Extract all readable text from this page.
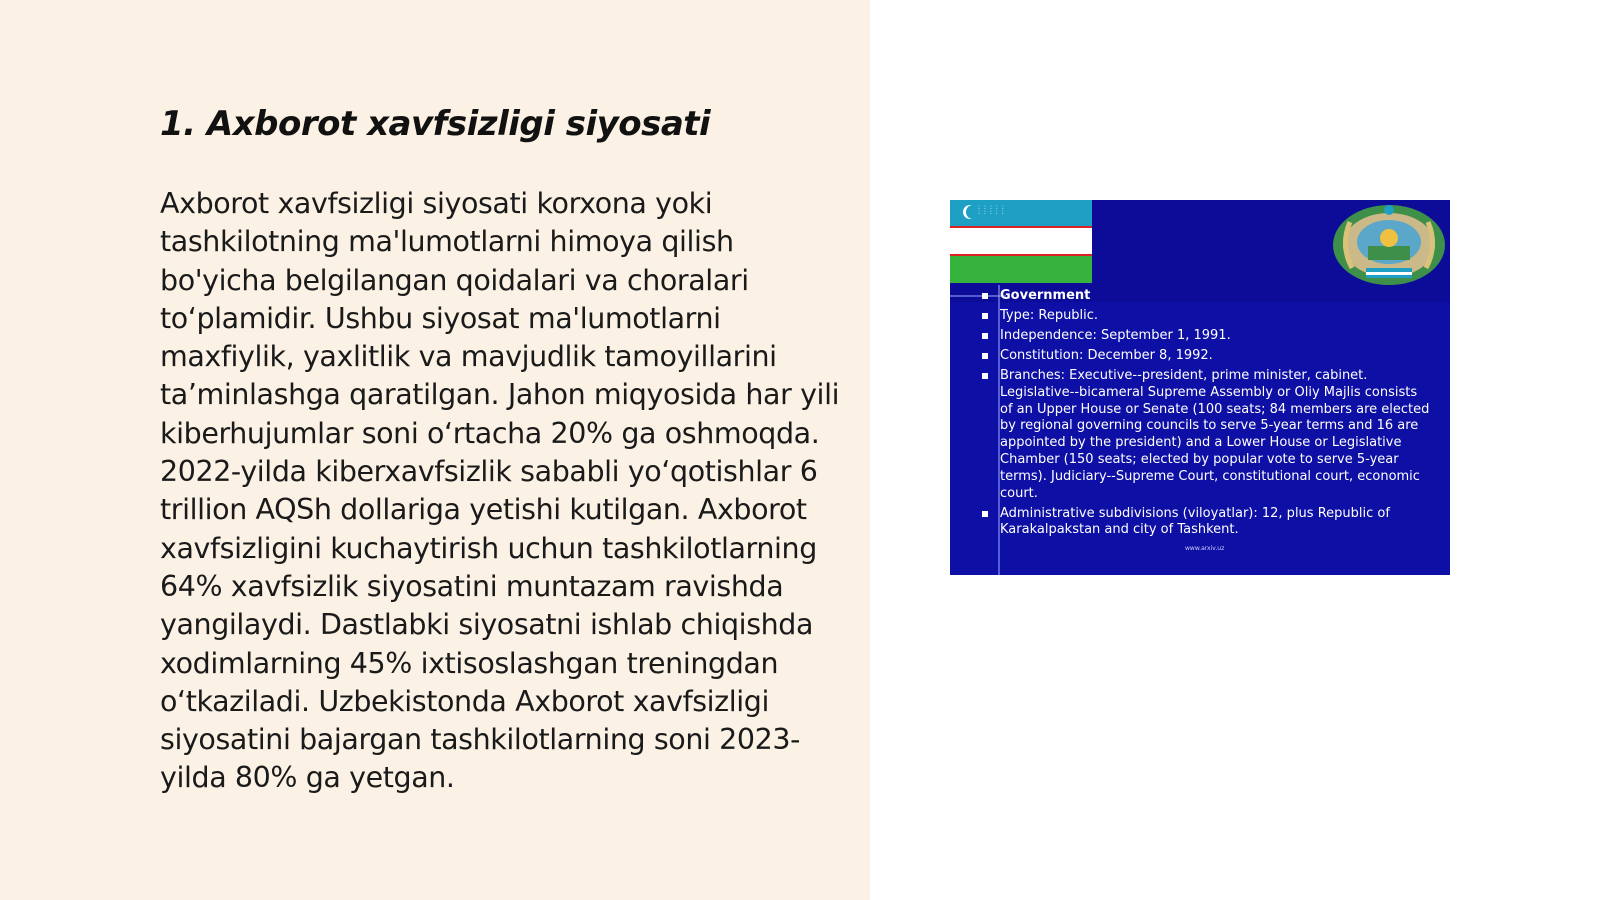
1. Axborot xavfsizligi siyosati

Axborot xavfsizligi siyosati korxona yoki tashkilotning ma'lumotlarni himoya qilish bo'yicha belgilangan qoidalari va choralari to‘plamidir. Ushbu siyosat ma'lumotlarni maxfiylik, yaxlitlik va mavjudlik tamoyillarini ta’minlashga qaratilgan. Jahon miqyosida har yili kiberhujumlar soni o‘rtacha 20% ga oshmoqda. 2022-yilda kiberxavfsizlik sababli yo‘qotishlar 6 trillion AQSh dollariga yetishi kutilgan. Axborot xavfsizligini kuchaytirish uchun tashkilotlarning 64% xavfsizlik siyosatini muntazam ravishda yangilaydi. Dastlabki siyosatni ishlab chiqishda xodimlarning 45% ixtisoslashgan treningdan o‘tkaziladi. Uzbekistonda Axborot xavfsizligi siyosatini bajargan tashkilotlarning soni 2023-yilda 80% ga yetgan.

: : : : :
: : : : :
Government
Type: Republic.
Independence: September 1, 1991.
Constitution: December 8, 1992.
Branches: Executive--president, prime minister, cabinet. Legislative--bicameral Supreme Assembly or Oliy Majlis consists of an Upper House or Senate (100 seats; 84 members are elected by regional governing councils to serve 5-year terms and 16 are appointed by the president) and a Lower House or Legislative Chamber (150 seats; elected by popular vote to serve 5-year terms). Judiciary--Supreme Court, constitutional court, economic court.
Administrative subdivisions (viloyatlar): 12, plus Republic of Karakalpakstan and city of Tashkent.
www.arxiv.uz
